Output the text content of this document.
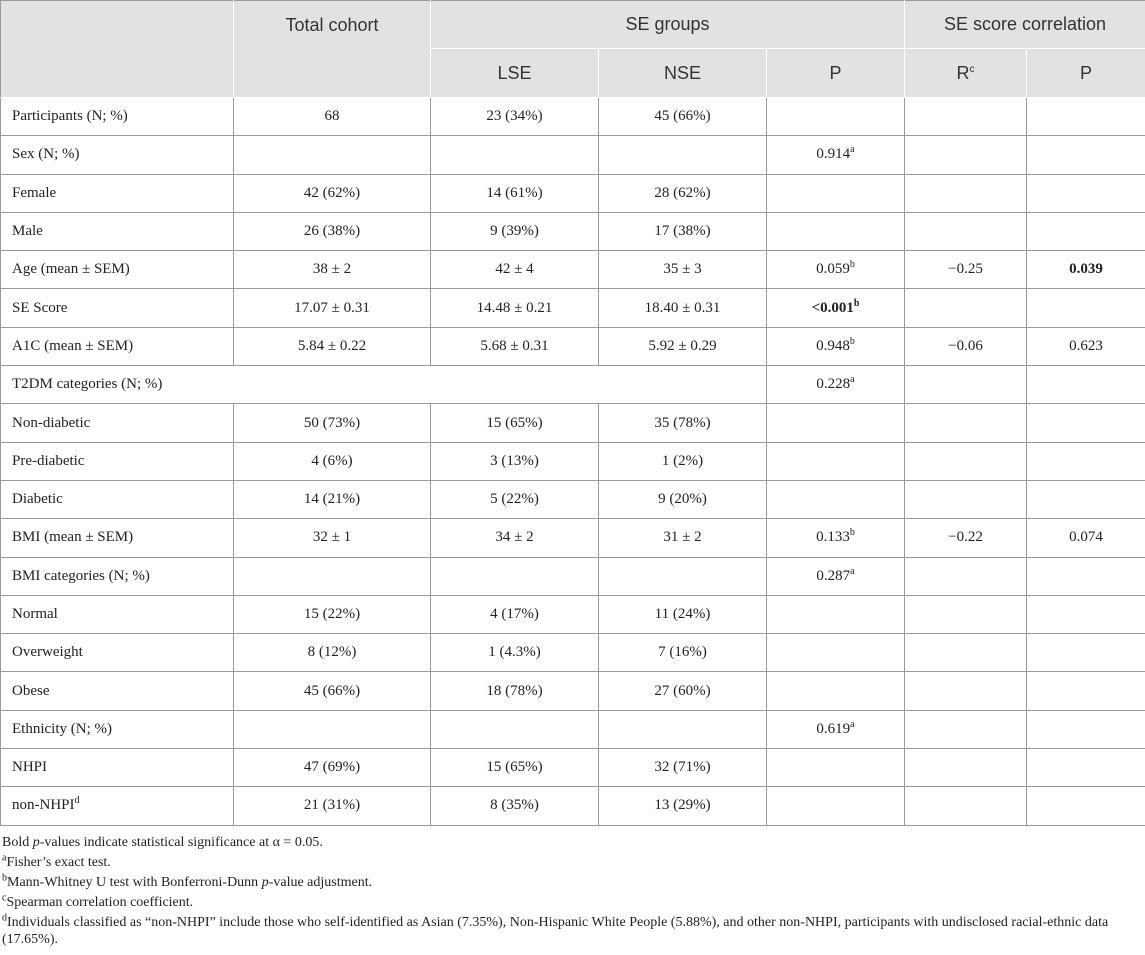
	Total cohort	SE groups			SE score correlation	
		LSE	NSE	P	$R^c$	P
Participants (N; %)	68	23 (34%)	45 (66%)			
Sex (N; %)				0.914$^a$		
Female	42 (62%)	14 (61%)	28 (62%)			
Male	26 (38%)	9 (39%)	17 (38%)			
Age (mean ± SEM)	38 ± 2	42 ± 4	35 ± 3	0.059$^b$	−0.25	0.039
SE Score	17.07 ± 0.31	14.48 ± 0.21	18.40 ± 0.31	<0.001$^b$		
A1C (mean ± SEM)	5.84 ± 0.22	5.68 ± 0.31	5.92 ± 0.29	0.948$^b$	−0.06	0.623
T2DM categories (N; %)				0.228$^a$		
Non-diabetic	50 (73%)	15 (65%)	35 (78%)			
Pre-diabetic	4 (6%)	3 (13%)	1 (2%)			
Diabetic	14 (21%)	5 (22%)	9 (20%)			
BMI (mean ± SEM)	32 ± 1	34 ± 2	31 ± 2	0.133$^b$	−0.22	0.074
BMI categories (N; %)				0.287$^a$		
Normal	15 (22%)	4 (17%)	11 (24%)			
Overweight	8 (12%)	1 (4.3%)	7 (16%)			
Obese	45 (66%)	18 (78%)	27 (60%)			
Ethnicity (N; %)				0.619$^a$		
NHPI	47 (69%)	15 (65%)	32 (71%)			
non-NHPI$^d$	21 (31%)	8 (35%)	13 (29%)			

Bold p-values indicate statistical significance at α = 0.05.

$^a$Fisher’s exact test.

$^b$Mann-Whitney U test with Bonferroni-Dunn p-value adjustment.

$^c$Spearman correlation coefficient.

$^d$Individuals classified as “non-NHPI” include those who self-identified as Asian (7.35%), Non-Hispanic White People (5.88%), and other non-NHPI, participants with undisclosed racial-ethnic data (17.65%).
